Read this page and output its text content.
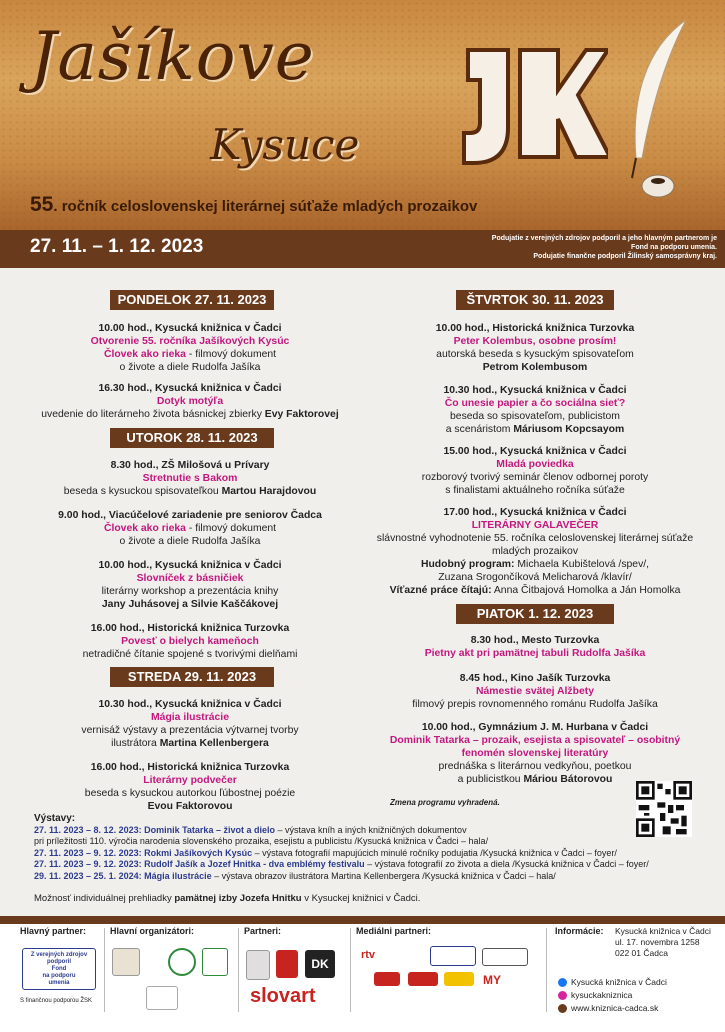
Jašíkove
Kysuce
55. ročník celoslovenskej literárnej súťaže mladých prozaikov
27. 11. – 1. 12. 2023	Podujatie z verejných zdrojov podporil a jeho hlavným partnerom je
Fond na podporu umenia.
Podujatie finančne podporil Žilinský samosprávny kraj.
PONDELOK 27. 11. 2023
10.00 hod., Kysucká knižnica v Čadci
Otvorenie 55. ročníka Jašíkových Kysúc
Človek ako rieka - filmový dokument
o živote a diele Rudolfa Jašíka
16.30 hod., Kysucká knižnica v Čadci
Dotyk motýľa
uvedenie do literárneho života básnickej zbierky Evy Faktorovej
UTOROK 28. 11. 2023
8.30 hod., ZŠ Milošová u Prívary
Stretnutie s Bakom
beseda s kysuckou spisovateľkou Martou Harajdovou
9.00 hod., Viacúčelové zariadenie pre seniorov Čadca
Človek ako rieka - filmový dokument
o živote a diele Rudolfa Jašíka
10.00 hod., Kysucká knižnica v Čadci
Slovníček z básničiek
literárny workshop a prezentácia knihy
Jany Juhásovej a Silvie Kaščákovej
16.00 hod., Historická knižnica Turzovka
Povesť o bielych kameňoch
netradičné čítanie spojené s tvorivými dielňami
STREDA 29. 11. 2023
10.30 hod., Kysucká knižnica v Čadci
Mágia ilustrácie
vernisáž výstavy a prezentácia výtvarnej tvorby
ilustrátora Martina Kellenbergera
16.00 hod., Historická knižnica Turzovka
Literárny podvečer
beseda s kysuckou autorkou ľúbostnej poézie
Evou Faktorovou
ŠTVRTOK 30. 11. 2023
10.00 hod., Historická knižnica Turzovka
Peter Kolembus, osobne prosím!
autorská beseda s kysuckým spisovateľom
Petrom Kolembusom
10.30 hod., Kysucká knižnica v Čadci
Čo unesie papier a čo sociálna sieť?
beseda so spisovateľom, publicistom
a scenáristom Máriusom Kopcsayom
15.00 hod., Kysucká knižnica v Čadci
Mladá poviedka
rozborový tvorivý seminár členov odbornej poroty
s finalistami aktuálneho ročníka súťaže
17.00 hod., Kysucká knižnica v Čadci
LITERÁRNY GALAVEČER
slávnostné vyhodnotenie 55. ročníka celoslovenskej literárnej súťaže
mladých prozaikov
Hudobný program: Michaela Kubištelová /spev/,
Zuzana Srogončíková Melicharová /klavír/
Víťazné práce čítajú: Anna Čitbajová Homolka a Ján Homolka
PIATOK 1. 12. 2023
8.30 hod., Mesto Turzovka
Pietny akt pri pamätnej tabuli Rudolfa Jašíka
8.45 hod., Kino Jašík Turzovka
Námestie svätej Alžbety
filmový prepis rovnomenného románu Rudolfa Jašíka
10.00 hod., Gymnázium J. M. Hurbana v Čadci
Dominik Tatarka – prozaik, esejista a spisovateľ – osobitný
fenomén slovenskej literatúry
prednáška s literárnou vedkyňou, poetkou
a publicistkou Máriou Bátorovou
Zmena programu vyhradená.
Výstavy:
27. 11. 2023 – 8. 12. 2023: Dominik Tatarka – život a dielo – výstava kníh a iných knižničných dokumentov
pri príležitosti 110. výročia narodenia slovenského prozaika, esejistu a publicistu /Kysucká knižnica v Čadci – hala/
27. 11. 2023 – 9. 12. 2023: Rokmi Jašíkových Kysúc – výstava fotografií mapujúcich minulé ročníky podujatia /Kysucká knižnica v Čadci – foyer/
27. 11. 2023 – 9. 12. 2023: Rudolf Jašík a Jozef Hnitka - dva emblémy festivalu – výstava fotografií zo života a diela /Kysucká knižnica v Čadci – foyer/
29. 11. 2023 – 25. 1. 2024: Mágia ilustrácie – výstava obrazov ilustrátora Martina Kellenbergera /Kysucká knižnica v Čadci – hala/
Možnosť individuálnej prehliadky pamätnej izby Jozefa Hnitku v Kysuckej knižnici v Čadci.
Hlavný partner:
Z verejných zdrojov podporil
Fond
na podporu
umenia
S finančnou podporou ŽSK
Hlavní organizátori:	Partneri:
DK
slovart
Mediálni partneri:
rtv
MY
Informácie: Kysucká knižnica v Čadci
ul. 17. novembra 1258
022 01 Čadca
Kysucká knižnica v Čadci
kysuckakniznica
www.kniznica-cadca.sk
